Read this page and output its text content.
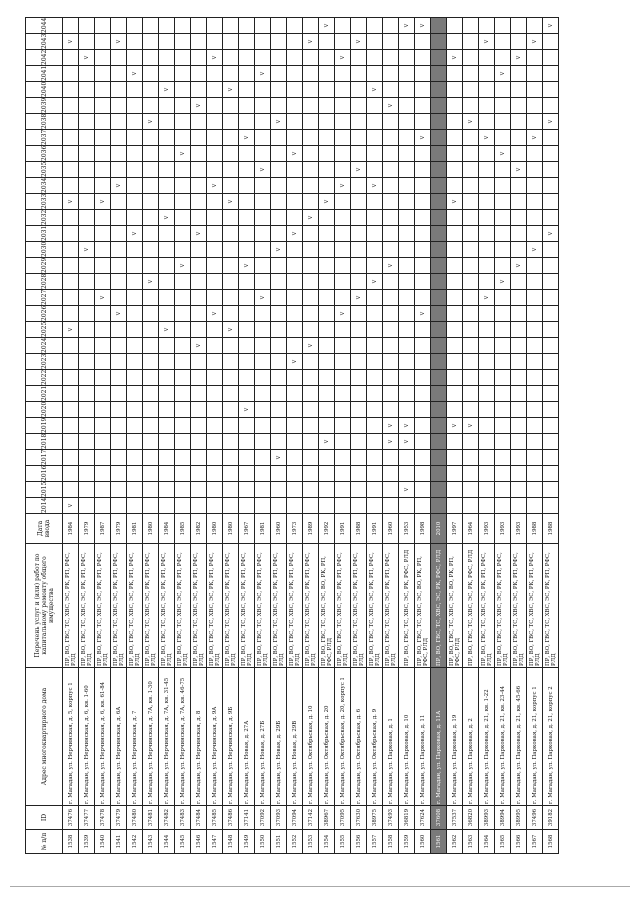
№ п/п	ID	Адрес многоквартирного дома	Перечень услуг и (или) работ по капитальному ремонту общего имущества	Дата ввода	2014	2015	2016	2017	2018	2019	2020	2021	2022	2023	2024	2025	2026	2027	2028	2029	2030	2031	2032	2033	2034	2035	2036	2037	2038	2039	2040	2041	2042	2043	2044
1538	37476	г. Магадан, ул. Нерчинская, д. 5, корпус 1	ПР, ВО, ГВС, ТС, ХВС, ЭС, РК, РП, РФС, РЛД	1984	v											v								v										v	
1539	37477	г. Магадан, ул. Нерчинская, д. 6, кв. 1-60	ПР, ВО, ГВС, ТС, ХВС, ЭС, РК, РП, РФС, РЛД	1979																	v												v		
1540	37478	г. Магадан, ул. Нерчинская, д. 6, кв. 61-84	ПР, ВО, ГВС, ТС, ХВС, ЭС, РК, РП, РФС, РЛД	1987														v						v											
1541	37479	г. Магадан, ул. Нерчинская, д. 6А	ПР, ВО, ГВС, ТС, ХВС, ЭС, РК, РП, РФС, РЛД	1979													v								v									v	
1542	37480	г. Магадан, ул. Нерчинская, д. 7	ПР, ВО, ГВС, ТС, ХВС, ЭС, РК, РП, РФС, РЛД	1981																		v										v			
1543	37481	г. Магадан, ул. Нерчинская, д. 7А, кв. 1-30	ПР, ВО, ГВС, ТС, ХВС, ЭС, РК, РП, РФС, РЛД	1980															v										v						
1544	37482	г. Магадан, ул. Нерчинская, д. 7А, кв. 31-45	ПР, ВО, ГВС, ТС, ХВС, ЭС, РК, РП, РФС, РЛД	1984												v							v								v				
1545	37483	г. Магадан, ул. Нерчинская, д. 7А, кв. 46-75	ПР, ВО, ГВС, ТС, ХВС, ЭС, РК, РП, РФС, РЛД	1985																v							v								
1546	37484	г. Магадан, ул. Нерчинская, д. 8	ПР, ВО, ГВС, ТС, ХВС, ЭС, РК, РП, РФС, РЛД	1982											v							v								v					
1547	37485	г. Магадан, ул. Нерчинская, д. 9А	ПР, ВО, ГВС, ТС, ХВС, ЭС, РК, РП, РФС, РЛД	1980													v								v								v		
1548	37486	г. Магадан, ул. Нерчинская, д. 9Б	ПР, ВО, ГВС, ТС, ХВС, ЭС, РК, РП, РФС, РЛД	1980												v								v							v				
1549	37141	г. Магадан, ул. Новая, д. 27А	ПР, ВО, ГВС, ТС, ХВС, ЭС, РК, РП, РФС, РЛД	1967							v									v								v							
1550	37092	г. Магадан, ул. Новая, д. 27Б	ПР, ВО, ГВС, ТС, ХВС, ЭС, РК, РП, РФС, РЛД	1981														v								v						v			
1551	37093	г. Магадан, ул. Новая, д. 29Б	ПР, ВО, ГВС, ТС, ХВС, ЭС, РК, РП, РФС, РЛД	1960				v													v								v						
1552	37094	г. Магадан, ул. Новая, д. 29В	ПР, ВО, ГВС, ТС, ХВС, ЭС, РК, РП, РФС, РЛД	1973										v								v					v								
1553	37142	г. Магадан, ул. Октябрьская, д. 10	ПР, ВО, ГВС, ТС, ХВС, ЭС, РК, РП, РФС, РЛД	1989											v								v											v	
1554	38967	г. Магадан, ул. Октябрьская, д. 20	ПР, ВО, ГВС, ТС, ХВС, ЭС, ВО, РК, РП, РФС, РЛД	1992					v															v											v
1555	37095	г. Магадан, ул. Октябрьская, д. 20, корпус 1	ПР, ВО, ГВС, ТС, ХВС, ЭС, РК, РП, РФС, РЛД	1991													v								v								v		
1556	37630	г. Магадан, ул. Октябрьская, д. 6	ПР, ВО, ГВС, ТС, ХВС, ЭС, РК, РП, РФС, РЛД	1988														v								v								v	
1557	38975	г. Магадан, ул. Октябрьская, д. 9	ПР, ВО, ГВС, ТС, ХВС, ЭС, РК, РП, РФС, РЛД	1991															v						v						v				
1558	37493	г. Магадан, ул. Парковая, д. 1	ПР, ВО, ГВС, ТС, ХВС, ЭС, РК, РП, РФС, РЛД	1960					v	v										v										v					
1559	36819	г. Магадан, ул. Парковая, д. 10	ПР, ВО, ГВС, ТС, ХВС, ЭС, РК, РФС, РЛД	1953		v			v	v																									v
1560	37624	г. Магадан, ул. Парковая, д. 11	ПР, ВО, ГВС, ТС, ХВС, ЭС, ВО, РК, РП, РФС, РЛД	1998													v											v							v
1561	37608	г. Магадан, ул. Парковая, д. 11А	ПР, ВО, ГВС, ТС, ХВС, ЭС, РК, РФС, РЛД	2010																															
1562	37537	г. Магадан, ул. Парковая, д. 19	ПР, ВО, ГВС, ТС, ХВС, ЭС, ВО, РК, РП, РФС, РЛД	1997						v														v									v		
1563	36820	г. Магадан, ул. Парковая, д. 2	ПР, ВО, ГВС, ТС, ХВС, ЭС, РК, РФС, РЛД	1964						v																			v						
1564	38993	г. Магадан, ул. Парковая, д. 21, кв. 1-22	ПР, ВО, ГВС, ТС, ХВС, ЭС, РК, РП, РФС, РЛД	1993														v										v						v	
1565	38994	г. Магадан, ул. Парковая, д. 21, кв. 23-44	ПР, ВО, ГВС, ТС, ХВС, ЭС, РК, РП, РФС, РЛД	1993															v								v					v			
1566	38995	г. Магадан, ул. Парковая, д. 21, кв. 45-66	ПР, ВО, ГВС, ТС, ХВС, ЭС, РК, РП, РФС, РЛД	1993																v						v							v		
1567	37496	г. Магадан, ул. Парковая, д. 21, корпус 1	ПР, ВО, ГВС, ТС, ХВС, ЭС, РК, РП, РФС, РЛД	1988																	v							v						v	
1568	39182	г. Магадан, ул. Парковая, д. 21, корпус 2	ПР, ВО, ГВС, ТС, ХВС, ЭС, РК, РП, РФС, РЛД	1988																		v							v						v
